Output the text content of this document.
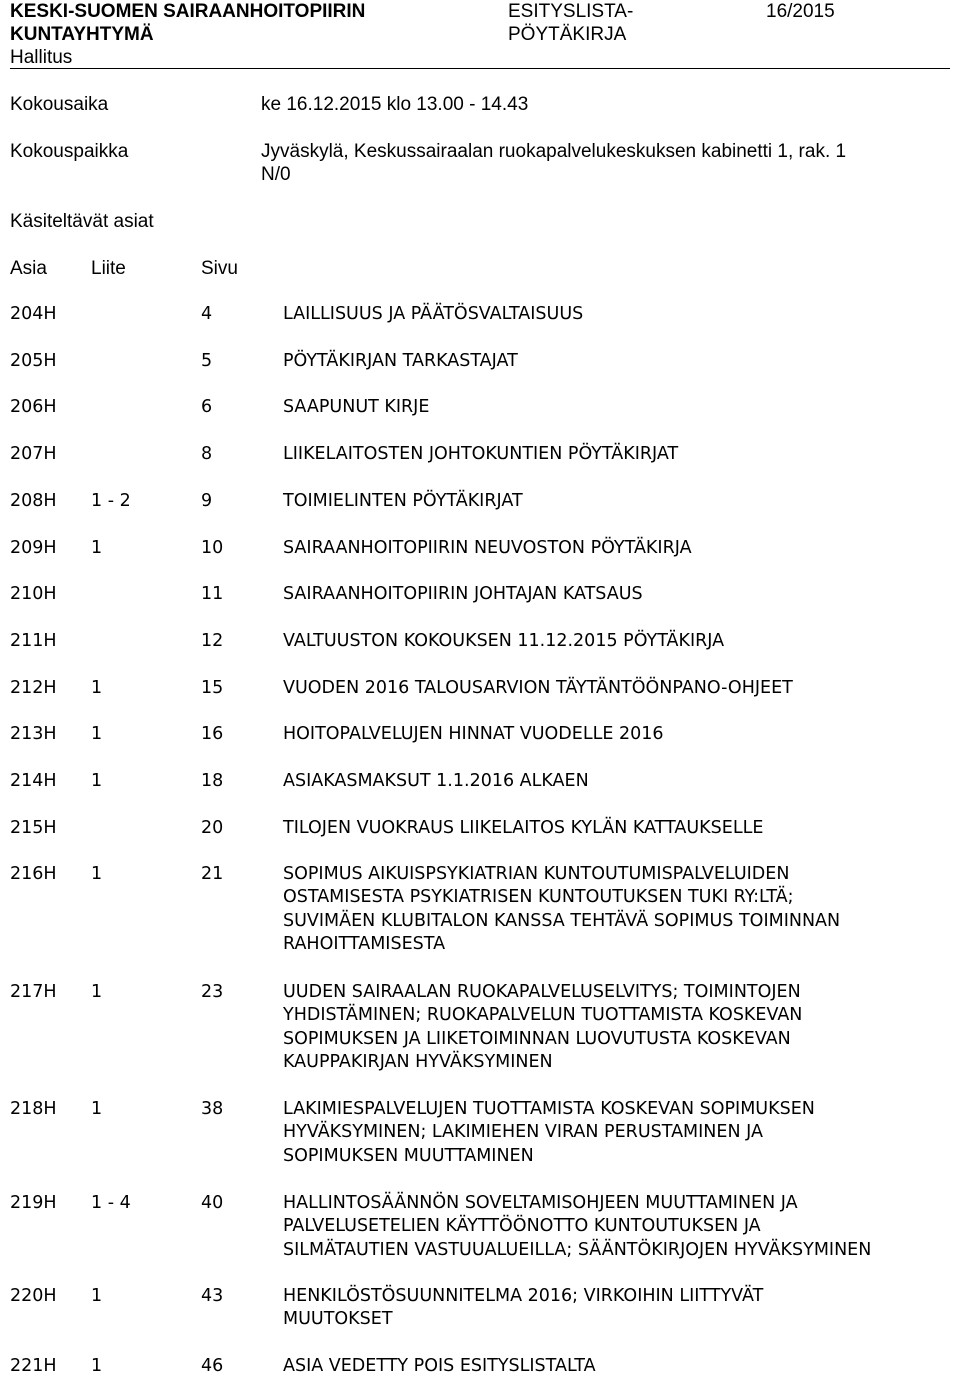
KESKI-SUOMEN SAIRAANHOITOPIIRIN
KUNTAYHTYMÄ
Hallitus
ESITYSLISTA-
PÖYTÄKIRJA
16/2015
Kokousaika	ke 16.12.2015 klo 13.00 - 14.43
Kokouspaikka	Jyväskylä, Keskussairaalan ruokapalvelukeskuksen kabinetti 1, rak. 1
N/0
Käsiteltävät asiat
Asia Liite	Sivu
204H	4	LAILLISUUS JA PÄÄTÖSVALTAISUUS
205H	5	PÖYTÄKIRJAN TARKASTAJAT
206H	6	SAAPUNUT KIRJE
207H	8	LIIKELAITOSTEN JOHTOKUNTIEN PÖYTÄKIRJAT
208H 1 - 2	9	TOIMIELINTEN PÖYTÄKIRJAT
209H 1	10	SAIRAANHOITOPIIRIN NEUVOSTON PÖYTÄKIRJA
210H	11	SAIRAANHOITOPIIRIN JOHTAJAN KATSAUS
211H	12	VALTUUSTON KOKOUKSEN 11.12.2015 PÖYTÄKIRJA
212H 1	15	VUODEN 2016 TALOUSARVION TÄYTÄNTÖÖNPANO-OHJEET
213H 1	16	HOITOPALVELUJEN HINNAT VUODELLE 2016
214H 1	18	ASIAKASMAKSUT 1.1.2016 ALKAEN
215H	20	TILOJEN VUOKRAUS LIIKELAITOS KYLÄN KATTAUKSELLE
216H 1	21	SOPIMUS AIKUISPSYKIATRIAN KUNTOUTUMISPALVELUIDEN
OSTAMISESTA PSYKIATRISEN KUNTOUTUKSEN TUKI RY:LTÄ;
SUVIMÄEN KLUBITALON KANSSA TEHTÄVÄ SOPIMUS TOIMINNAN
RAHOITTAMISESTA
217H 1	23	UUDEN SAIRAALAN RUOKAPALVELUSELVITYS; TOIMINTOJEN
YHDISTÄMINEN; RUOKAPALVELUN TUOTTAMISTA KOSKEVAN
SOPIMUKSEN JA LIIKETOIMINNAN LUOVUTUSTA KOSKEVAN
KAUPPAKIRJAN HYVÄKSYMINEN
218H 1	38	LAKIMIESPALVELUJEN TUOTTAMISTA KOSKEVAN SOPIMUKSEN
HYVÄKSYMINEN; LAKIMIEHEN VIRAN PERUSTAMINEN JA
SOPIMUKSEN MUUTTAMINEN
219H 1 - 4	40	HALLINTOSÄÄNNÖN SOVELTAMISOHJEEN MUUTTAMINEN JA
PALVELUSETELIEN KÄYTTÖÖNOTTO KUNTOUTUKSEN JA
SILMÄTAUTIEN VASTUUALUEILLA; SÄÄNTÖKIRJOJEN HYVÄKSYMINEN
220H 1	43	HENKILÖSTÖSUUNNITELMA 2016; VIRKOIHIN LIITTYVÄT
MUUTOKSET
221H 1	46	ASIA VEDETTY POIS ESITYSLISTALTA
